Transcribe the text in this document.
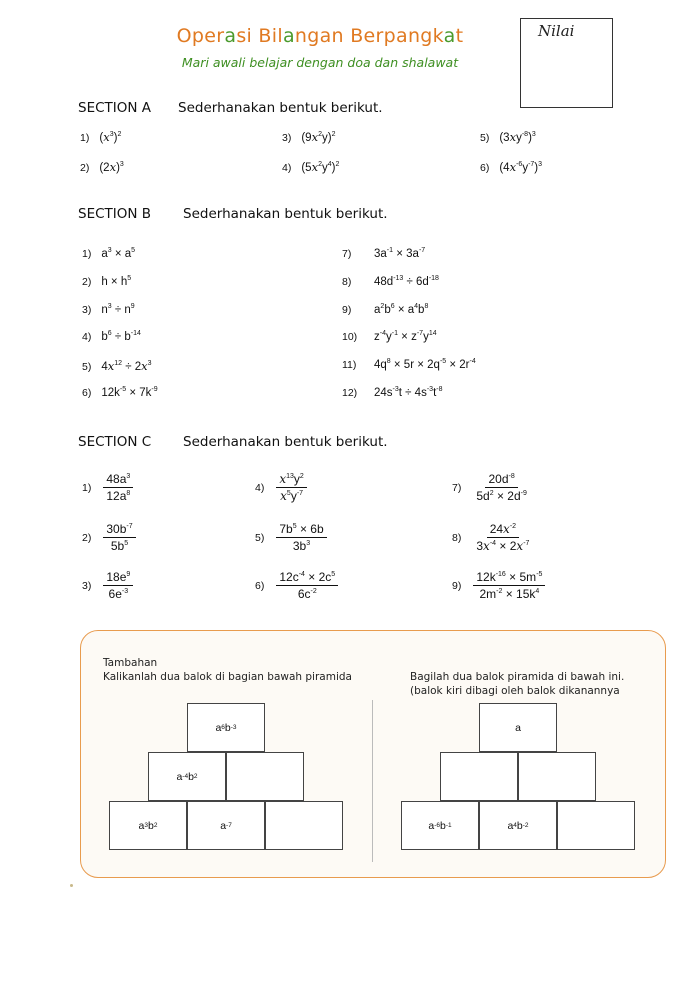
Operasi Bilangan Berpangkat
Mari awali belajar dengan doa dan shalawat
Nilai
SECTION A Sederhanakan bentuk berikut.
1) $(x^3)^2$	3) $(9x^2y)^2$	5) $(3xy^{-8})^3$
2) $(2x)^3$	4) $(5x^2y^4)^2$	6) $(4x^{-6}y^{-7})^3$
SECTION B Sederhanakan bentuk berikut.
1) $a^3 \times a^5$
2) $h \times h^5$
3) $n^3 \div n^9$
4) $b^6 \div b^{-14}$
5) $4x^{12} \div 2x^3$
6) $12k^{-5} \times 7k^{-9}$
7) $3a^{-1} \times 3a^{-7}$
8) $48d^{-13} \div 6d^{-18}$
9) $a^2b^6 \times a^4b^8$
10) $z^{-4}y^{-1} \times z^{-7}y^{14}$
11) $4q^8 \times 5r \times 2q^{-5} \times 2r^{-4}$
12) $24s^{-3}t \div 4s^{-3}t^{-8}$
SECTION C Sederhanakan bentuk berikut.
$1) \frac{48a^3}{12a^8}$	$4) \frac{x^{13}y^2}{x^5y^{-7}}$	$7) \frac{20d^{-8}}{5d^2 \times 2d^{-9}}$
$2) \frac{30b^{-7}}{5b^5}$	$5) \frac{7b^5 \times 6b}{3b^3}$	$8) \frac{24x^{-2}}{3x^{-4} \times 2x^{-7}}$
$3) \frac{18e^9}{6e^{-3}}$	$6) \frac{12c^{-4} \times 2c^5}{6c^{-2}}$	$9) \frac{12k^{-16} \times 5m^{-5}}{2m^{-2} \times 15k^4}$
Tambahan
Kalikanlah dua balok di bagian bawah piramida	Bagilah dua balok piramida di bawah ini.
(balok kiri dibagi oleh balok dikanannya
a 6 b -3
a -4 b 2
a 3 b 2	a -7
a
a -6 b -1	a 4 b -2
